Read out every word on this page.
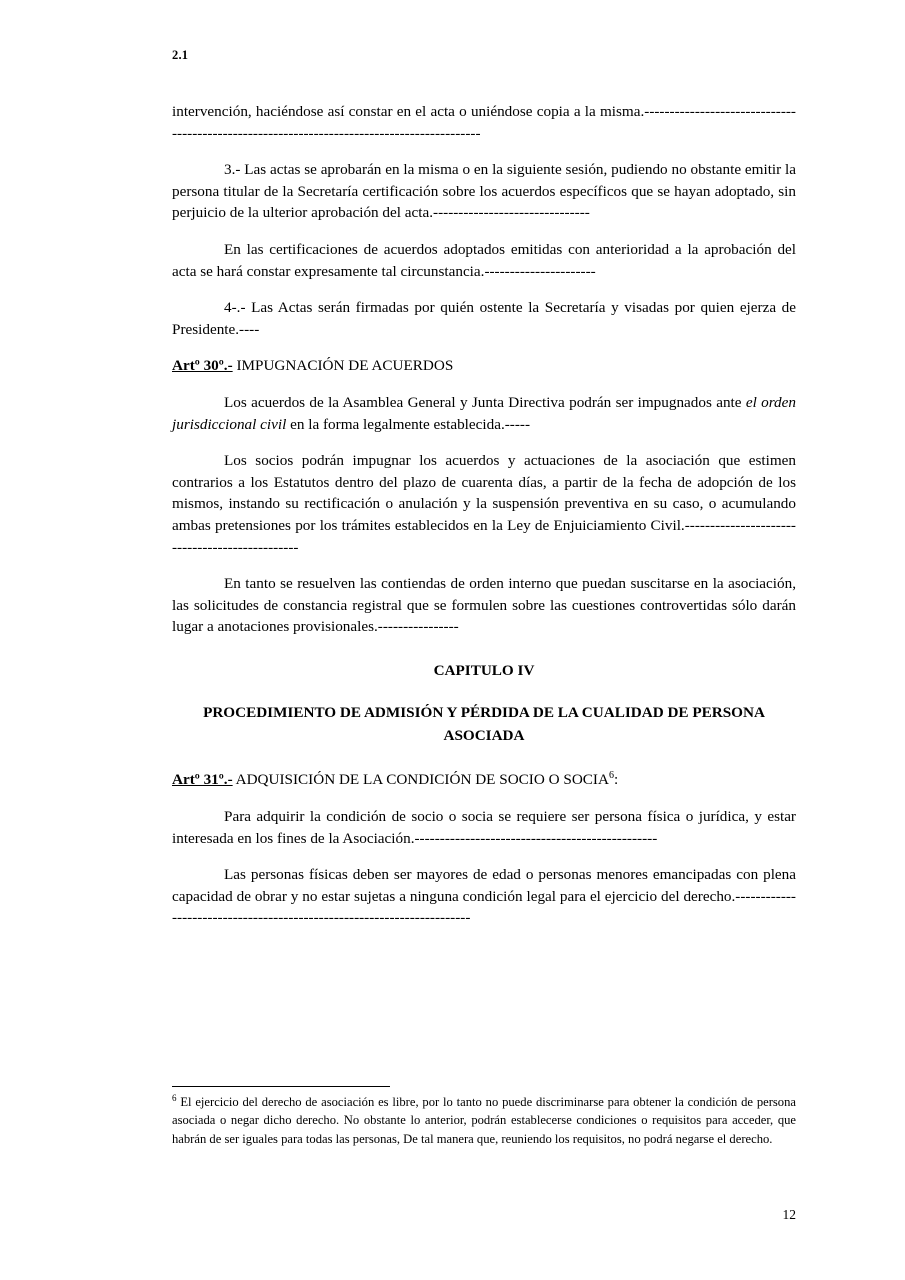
2.1

intervención, haciéndose así constar en el acta o uniéndose copia a la misma.-------------------------------------------------------------------------------------------

3.- Las actas se aprobarán en la misma o en la siguiente sesión, pudiendo no obstante emitir la persona titular de la Secretaría certificación sobre los acuerdos específicos que se hayan adoptado, sin perjuicio de la ulterior aprobación del acta.-------------------------------

En las certificaciones de acuerdos adoptados emitidas con anterioridad a la aprobación del acta se hará constar expresamente tal circunstancia.----------------------

4-.- Las Actas serán firmadas por quién ostente la Secretaría y visadas por quien ejerza de Presidente.----

Artº 30º.- IMPUGNACIÓN DE ACUERDOS

Los acuerdos de la Asamblea General y Junta Directiva podrán ser impugnados ante el orden jurisdiccional civil en la forma legalmente establecida.-----

Los socios podrán impugnar los acuerdos y actuaciones de la asociación que estimen contrarios a los Estatutos dentro del plazo de cuarenta días, a partir de la fecha de adopción de los mismos, instando su rectificación o anulación y la suspensión preventiva en su caso, o acumulando ambas pretensiones por los trámites establecidos en la Ley de Enjuiciamiento Civil.-----------------------------------------------

En tanto se resuelven las contiendas de orden interno que puedan suscitarse en la asociación, las solicitudes de constancia registral que se formulen sobre las cuestiones controvertidas sólo darán lugar a anotaciones provisionales.----------------

CAPITULO IV

PROCEDIMIENTO DE ADMISIÓN Y PÉRDIDA DE LA CUALIDAD DE PERSONA ASOCIADA

Artº 31º.- ADQUISICIÓN DE LA CONDICIÓN DE SOCIO O SOCIA$^6$:

Para adquirir la condición de socio o socia se requiere ser persona física o jurídica, y estar interesada en los fines de la Asociación.------------------------------------------------

Las personas físicas deben ser mayores de edad o personas menores emancipadas con plena capacidad de obrar y no estar sujetas a ninguna condición legal para el ejercicio del derecho.-----------------------------------------------------------------------

$^6$ El ejercicio del derecho de asociación es libre, por lo tanto no puede discriminarse para obtener la condición de persona asociada o negar dicho derecho. No obstante lo anterior, podrán establecerse condiciones o requisitos para acceder, que habrán de ser iguales para todas las personas, De tal manera que, reuniendo los requisitos, no podrá negarse el derecho.

12
